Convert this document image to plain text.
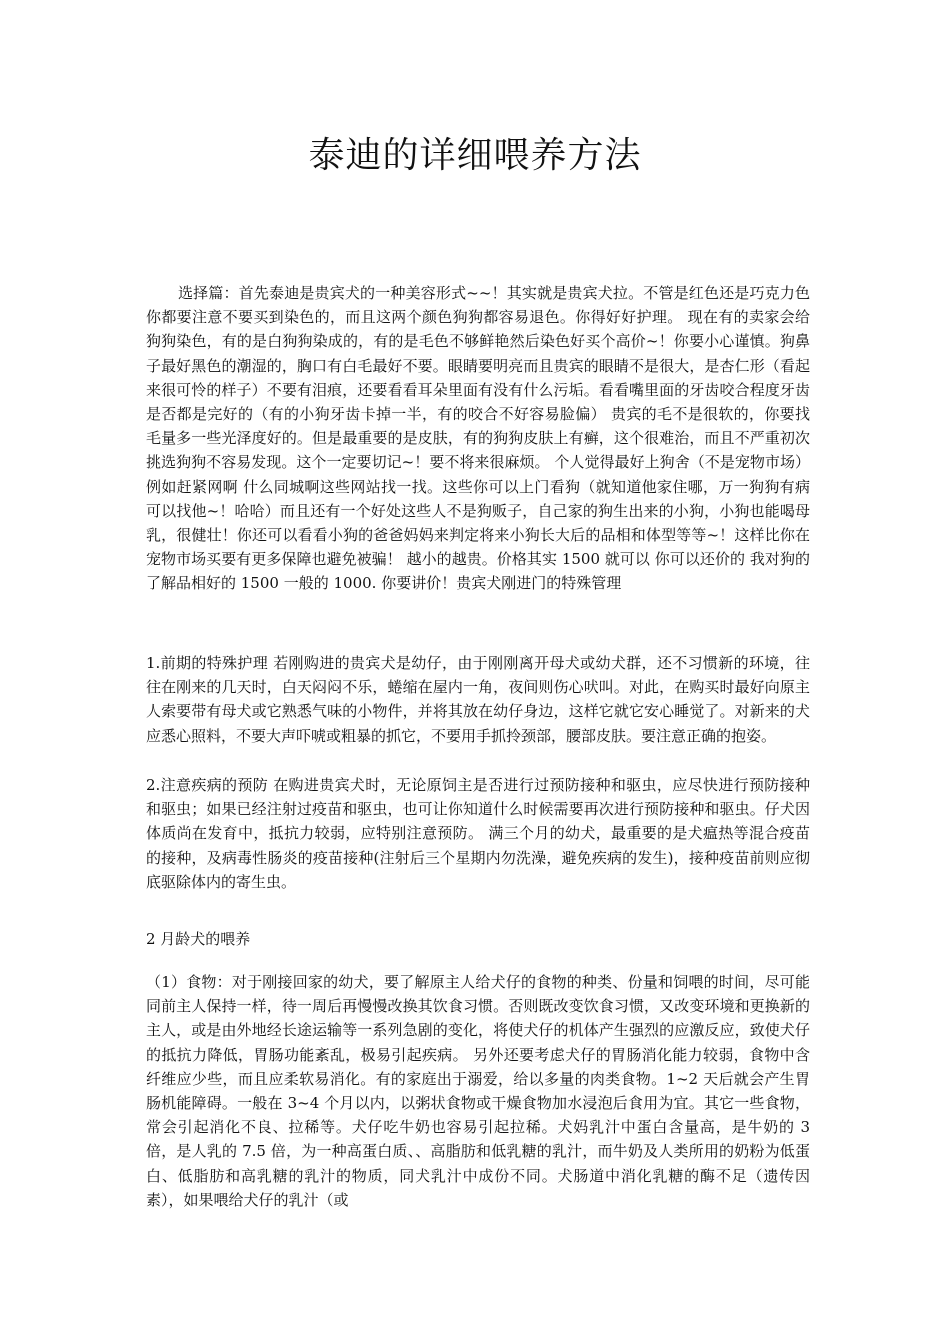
泰迪的详细喂养方法

选择篇：首先泰迪是贵宾犬的一种美容形式~~！其实就是贵宾犬拉。不管是红色还是巧克力色你都要注意不要买到染色的，而且这两个颜色狗狗都容易退色。你得好好护理。 现在有的卖家会给狗狗染色，有的是白狗狗染成的，有的是毛色不够鲜艳然后染色好买个高价~！你要小心谨慎。狗鼻子最好黑色的潮湿的，胸口有白毛最好不要。眼睛要明亮而且贵宾的眼睛不是很大，是杏仁形（看起来很可怜的样子）不要有泪痕，还要看看耳朵里面有没有什么污垢。看看嘴里面的牙齿咬合程度牙齿是否都是完好的（有的小狗牙齿卡掉一半，有的咬合不好容易脸偏） 贵宾的毛不是很软的，你要找毛量多一些光泽度好的。但是最重要的是皮肤，有的狗狗皮肤上有癣，这个很难治，而且不严重初次挑选狗狗不容易发现。这个一定要切记~！要不将来很麻烦。 个人觉得最好上狗舍（不是宠物市场）例如赶紧网啊 什么同城啊这些网站找一找。这些你可以上门看狗（就知道他家住哪，万一狗狗有病可以找他~！哈哈）而且还有一个好处这些人不是狗贩子，自己家的狗生出来的小狗，小狗也能喝母乳，很健壮！你还可以看看小狗的爸爸妈妈来判定将来小狗长大后的品相和体型等等~！这样比你在宠物市场买要有更多保障也避免被骗！ 越小的越贵。价格其实 1500 就可以 你可以还价的 我对狗的了解品相好的 1500 一般的 1000. 你要讲价！贵宾犬刚进门的特殊管理

1.前期的特殊护理 若刚购进的贵宾犬是幼仔，由于刚刚离开母犬或幼犬群，还不习惯新的环境，往往在刚来的几天时，白天闷闷不乐，蜷缩在屋内一角，夜间则伤心吠叫。对此，在购买时最好向原主人索要带有母犬或它熟悉气味的小物件，并将其放在幼仔身边，这样它就它安心睡觉了。对新来的犬应悉心照料，不要大声吓唬或粗暴的抓它，不要用手抓拎颈部，腰部皮肤。要注意正确的抱姿。

2.注意疾病的预防 在购进贵宾犬时，无论原饲主是否进行过预防接种和驱虫，应尽快进行预防接种和驱虫；如果已经注射过疫苗和驱虫，也可让你知道什么时候需要再次进行预防接种和驱虫。仔犬因体质尚在发育中，抵抗力较弱，应特别注意预防。 满三个月的幼犬，最重要的是犬瘟热等混合疫苗的接种，及病毒性肠炎的疫苗接种(注射后三个星期内勿洗澡，避免疾病的发生)，接种疫苗前则应彻底驱除体内的寄生虫。

2 月龄犬的喂养

（1）食物：对于刚接回家的幼犬，要了解原主人给犬仔的食物的种类、份量和饲喂的时间，尽可能同前主人保持一样，待一周后再慢慢改换其饮食习惯。否则既改变饮食习惯，又改变环境和更换新的主人，或是由外地经长途运输等一系列急剧的变化，将使犬仔的机体产生强烈的应激反应，致使犬仔的抵抗力降低，胃肠功能紊乱，极易引起疾病。 另外还要考虑犬仔的胃肠消化能力较弱，食物中含纤维应少些，而且应柔软易消化。有的家庭出于溺爱，给以多量的肉类食物。1~2 天后就会产生胃肠机能障碍。一般在 3~4 个月以内，以粥状食物或干燥食物加水浸泡后食用为宜。其它一些食物，常会引起消化不良、拉稀等。犬仔吃牛奶也容易引起拉稀。犬妈乳汁中蛋白含量高，是牛奶的 3 倍，是人乳的 7.5 倍，为一种高蛋白质、、高脂肪和低乳糖的乳汁，而牛奶及人类所用的奶粉为低蛋白、低脂肪和高乳糖的乳汁的物质，同犬乳汁中成份不同。犬肠道中消化乳糖的酶不足（遗传因素），如果喂给犬仔的乳汁（或
